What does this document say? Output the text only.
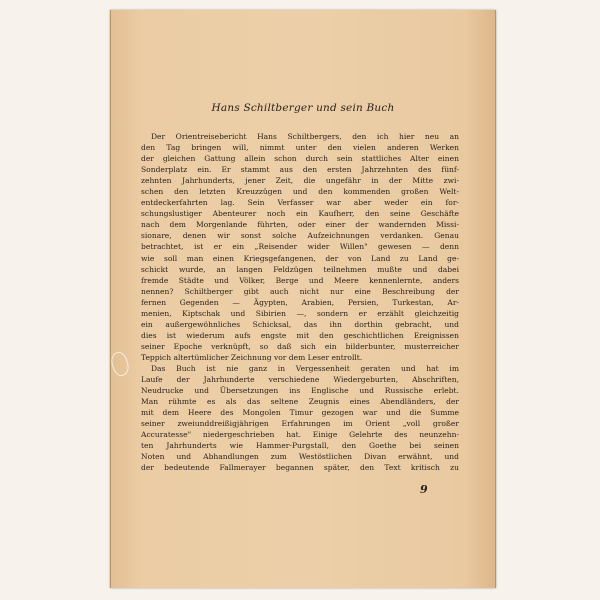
Hans Schiltberger und sein Buch
Der Orientreisebericht Hans Schiltbergers, den ich hier neu an
den Tag bringen will, nimmt unter den vielen anderen Werken
der gleichen Gattung allein schon durch sein stattliches Alter einen
Sonderplatz ein. Er stammt aus den ersten Jahrzehnten des fünf-
zehnten Jahrhunderts, jener Zeit, die ungefähr in der Mitte zwi-
schen den letzten Kreuzzügen und den kommenden großen Welt-
entdeckerfahrten lag. Sein Verfasser war aber weder ein for-
schungslustiger Abenteurer noch ein Kaufherr, den seine Geschäfte
nach dem Morgenlande führten, oder einer der wandernden Missi-
sionare, denen wir sonst solche Aufzeichnungen verdanken. Genau
betrachtet, ist er ein „Reisender wider Willen" gewesen — denn
wie soll man einen Kriegsgefangenen, der von Land zu Land ge-
schickt wurde, an langen Feldzügen teilnehmen mußte und dabei
fremde Städte und Völker, Berge und Meere kennenlernte, anders
nennen? Schiltberger gibt auch nicht nur eine Beschreibung der
fernen Gegenden — Ägypten, Arabien, Persien, Turkestan, Ar-
menien, Kiptschak und Sibirien —, sondern er erzählt gleichzeitig
ein außergewöhnliches Schicksal, das ihn dorthin gebracht, und
dies ist wiederum aufs engste mit den geschichtlichen Ereignissen
seiner Epoche verknüpft, so daß sich ein bilderbunter, musterreicher
Teppich altertümlicher Zeichnung vor dem Leser entrollt.
Das Buch ist nie ganz in Vergessenheit geraten und hat im
Laufe der Jahrhunderte verschiedene Wiedergeburten, Abschriften,
Neudrucke und Übersetzungen ins Englische und Russische erlebt.
Man rühmte es als das seltene Zeugnis eines Abendländers, der
mit dem Heere des Mongolen Timur gezogen war und die Summe
seiner zweiunddreißigjährigen Erfahrungen im Orient „voll großer
Accuratesse" niedergeschrieben hat. Einige Gelehrte des neunzehn-
ten Jahrhunderts wie Hammer-Purgstall, den Goethe bei seinen
Noten und Abhandlungen zum Westöstlichen Divan erwähnt, und
der bedeutende Fallmerayer begannen später, den Text kritisch zu
9
